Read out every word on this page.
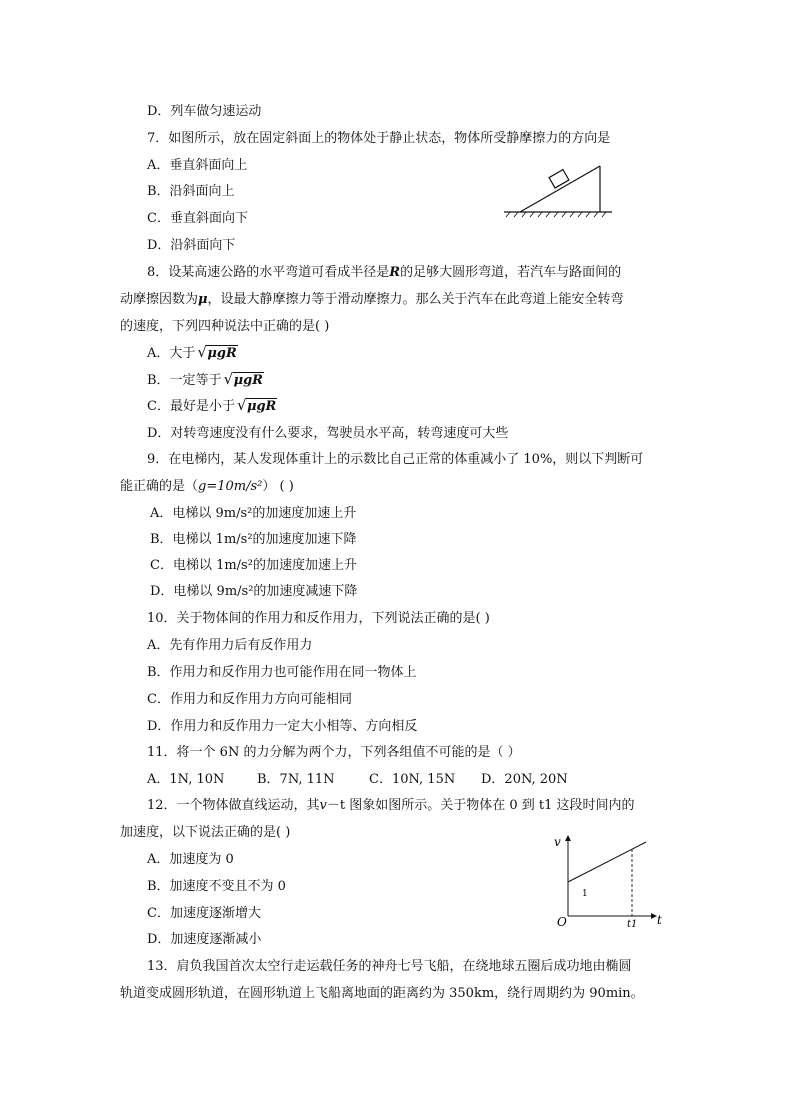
D．列车做匀速运动
7．如图所示，放在固定斜面上的物体处于静止状态，物体所受静摩擦力的方向是
A．垂直斜面向上
B．沿斜面向上
C．垂直斜面向下
D．沿斜面向下
8．设某高速公路的水平弯道可看成半径是R的足够大圆形弯道，若汽车与路面间的
动摩擦因数为μ，设最大静摩擦力等于滑动摩擦力。那么关于汽车在此弯道上能安全转弯
的速度，下列四种说法中正确的是( )
A．大于 √ μgR
B．一定等于 √ μgR
C．最好是小于 √ μgR
D．对转弯速度没有什么要求，驾驶员水平高，转弯速度可大些
9．在电梯内，某人发现体重计上的示数比自己正常的体重减小了 10%，则以下判断可
能正确的是（g=10m/s²） ( )
A．电梯以 9m/s²的加速度加速上升
B．电梯以 1m/s²的加速度加速下降
C．电梯以 1m/s²的加速度加速上升
D．电梯以 9m/s²的加速度减速下降
10．关于物体间的作用力和反作用力，下列说法正确的是( )
A．先有作用力后有反作用力
B．作用力和反作用力也可能作用在同一物体上
C．作用力和反作用力方向可能相同
D．作用力和反作用力一定大小相等、方向相反
11．将一个 6N 的力分解为两个力，下列各组值不可能的是（ ）
A．1N, 10N	B．7N, 11N	C．10N, 15N D．20N, 20N
12．一个物体做直线运动，其v－t 图象如图所示。关于物体在 0 到 t1 这段时间内的
加速度，以下说法正确的是( )
A．加速度为 0
B．加速度不变且不为 0
C．加速度逐渐增大
D．加速度逐渐减小
v
t
O	t1
1
13．肩负我国首次太空行走运载任务的神舟七号飞船，在绕地球五圈后成功地由椭圆
轨道变成圆形轨道，在圆形轨道上飞船离地面的距离约为 350km，绕行周期约为 90min。
